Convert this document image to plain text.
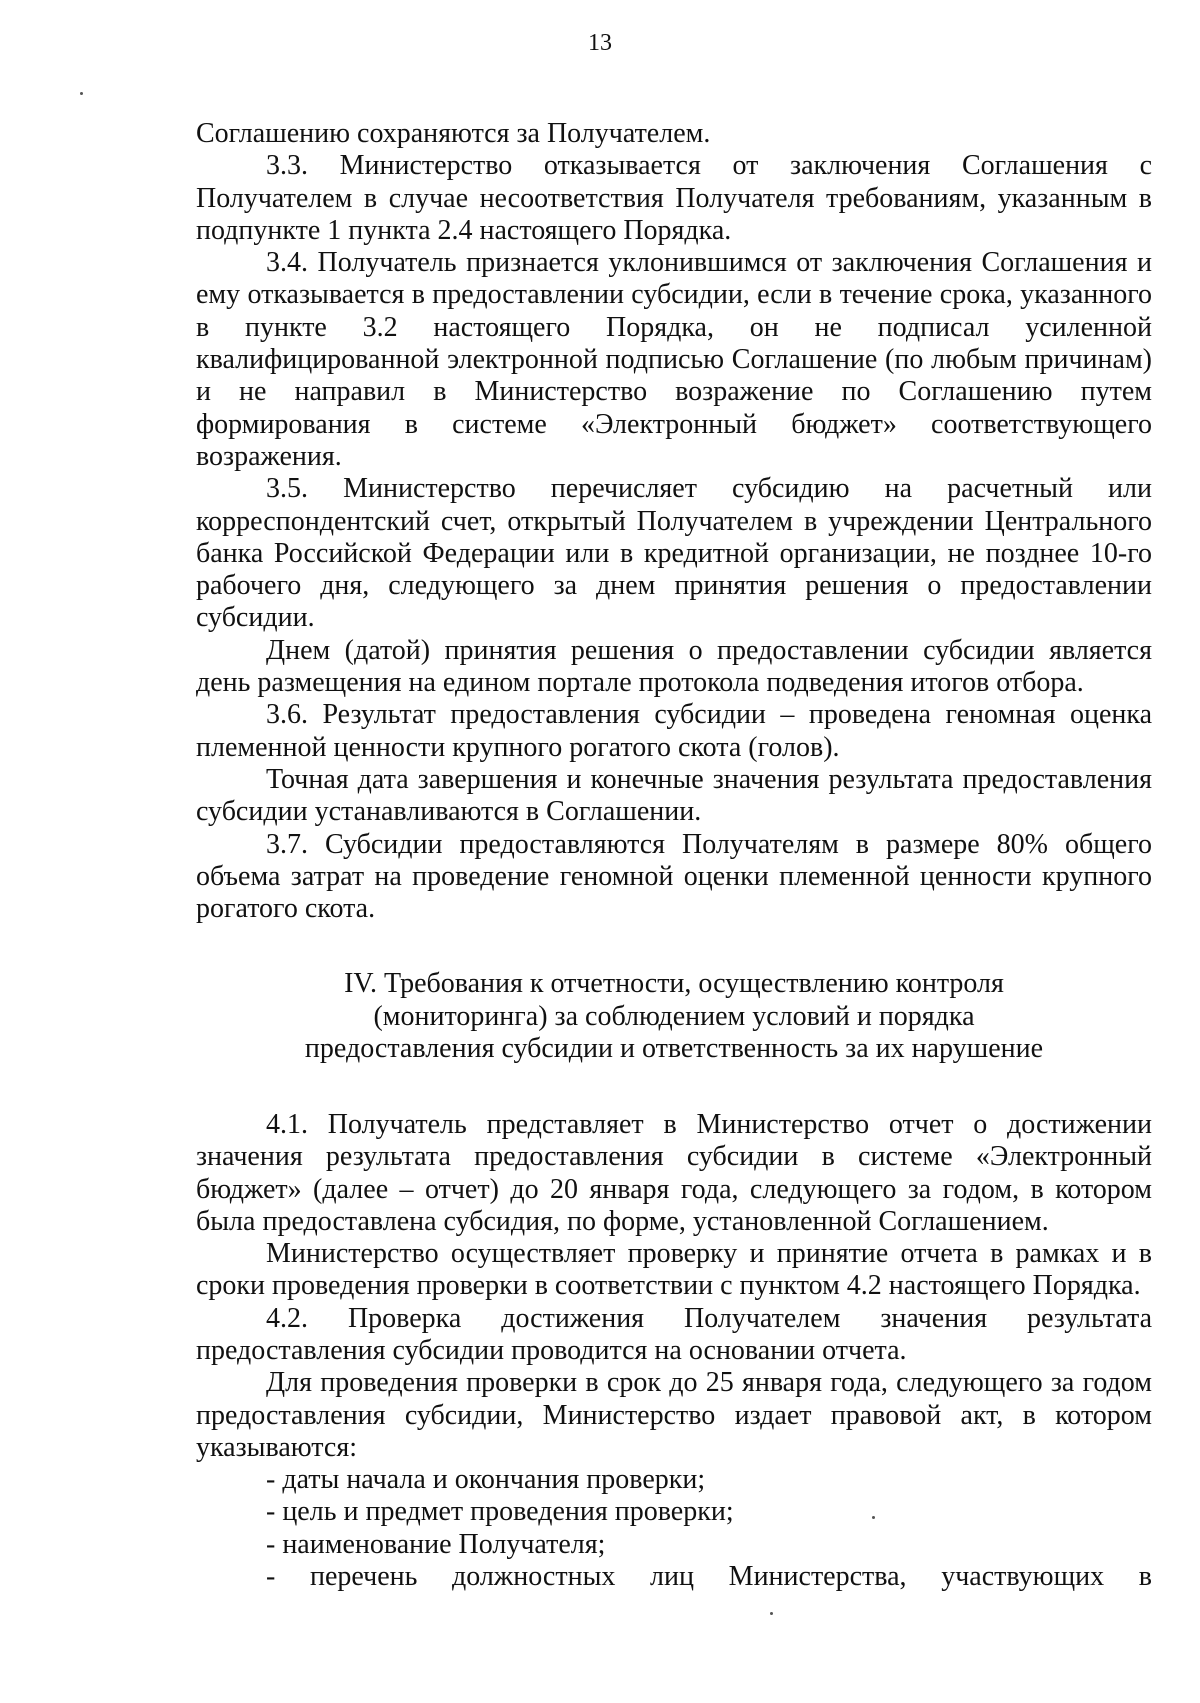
13

Соглашению сохраняются за Получателем.

3.3. Министерство отказывается от заключения Соглашения с Получателем в случае несоответствия Получателя требованиям, указанным в подпункте 1 пункта 2.4 настоящего Порядка.

3.4. Получатель признается уклонившимся от заключения Соглашения и ему отказывается в предоставлении субсидии, если в течение срока, указанного в пункте 3.2 настоящего Порядка, он не подписал усиленной квалифицированной электронной подписью Соглашение (по любым причинам) и не направил в Министерство возражение по Соглашению путем формирования в системе «Электронный бюджет» соответствующего возражения.

3.5. Министерство перечисляет субсидию на расчетный или корреспондентский счет, открытый Получателем в учреждении Центрального банка Российской Федерации или в кредитной организации, не позднее 10-го рабочего дня, следующего за днем принятия решения о предоставлении субсидии.

Днем (датой) принятия решения о предоставлении субсидии является день размещения на едином портале протокола подведения итогов отбора.

3.6. Результат предоставления субсидии – проведена геномная оценка племенной ценности крупного рогатого скота (голов).

Точная дата завершения и конечные значения результата предоставления субсидии устанавливаются в Соглашении.

3.7. Субсидии предоставляются Получателям в размере 80% общего объема затрат на проведение геномной оценки племенной ценности крупного рогатого скота.

IV. Требования к отчетности, осуществлению контроля
(мониторинга) за соблюдением условий и порядка
предоставления субсидии и ответственность за их нарушение

4.1. Получатель представляет в Министерство отчет о достижении значения результата предоставления субсидии в системе «Электронный бюджет» (далее – отчет) до 20 января года, следующего за годом, в котором была предоставлена субсидия, по форме, установленной Соглашением.

Министерство осуществляет проверку и принятие отчета в рамках и в сроки проведения проверки в соответствии с пунктом 4.2 настоящего Порядка.

4.2. Проверка достижения Получателем значения результата предоставления субсидии проводится на основании отчета.

Для проведения проверки в срок до 25 января года, следующего за годом предоставления субсидии, Министерство издает правовой акт, в котором указываются:

- даты начала и окончания проверки;

- цель и предмет проведения проверки;

- наименование Получателя;

- перечень должностных лиц Министерства, участвующих в
